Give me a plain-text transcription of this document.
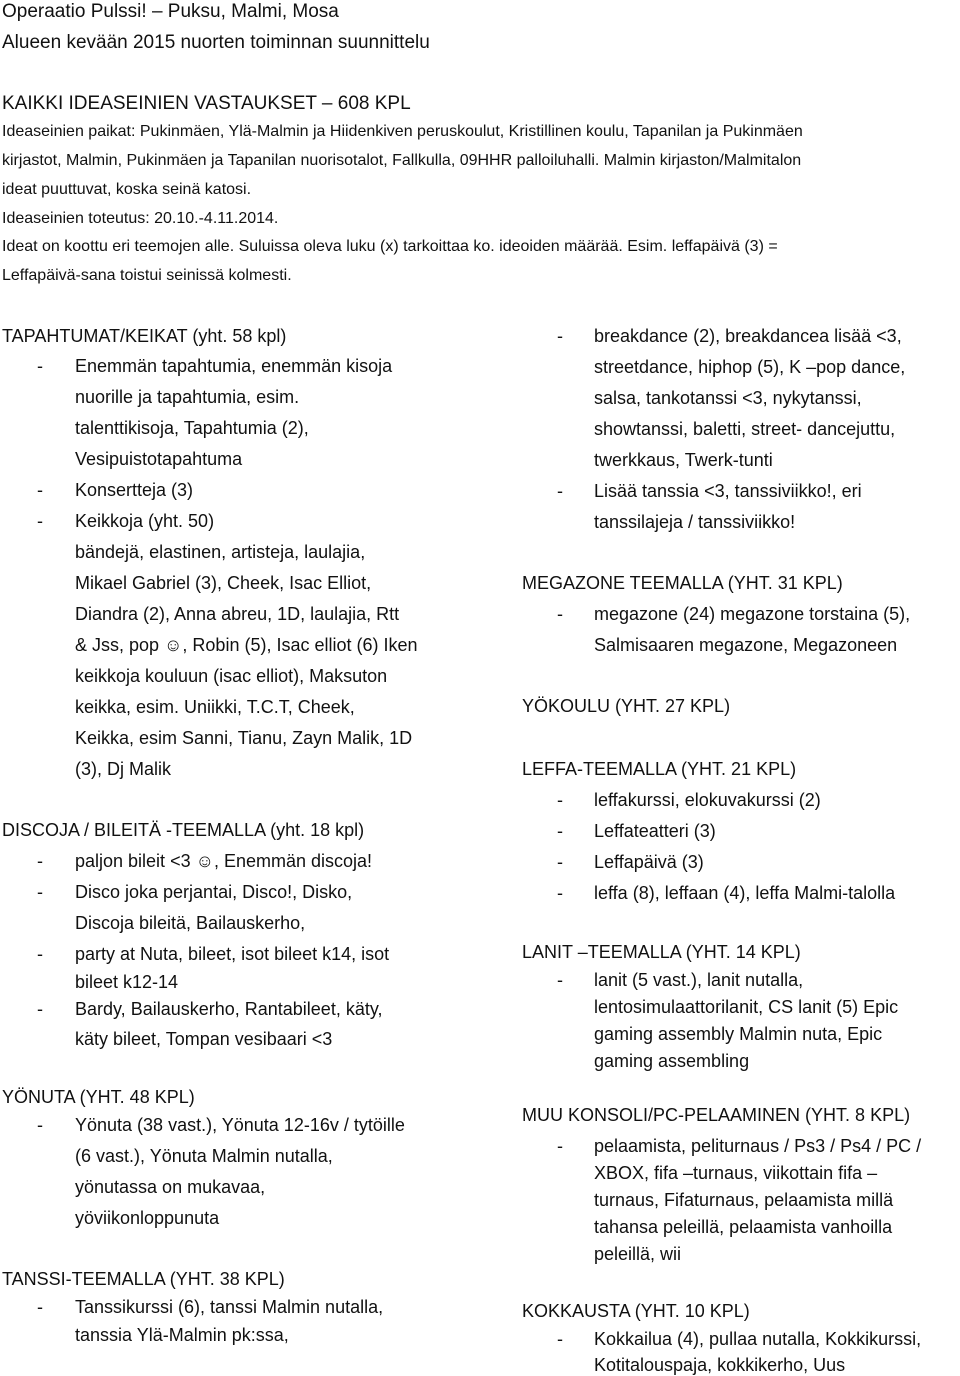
Operaatio Pulssi! – Puksu, Malmi, Mosa
Alueen kevään 2015 nuorten toiminnan suunnittelu
KAIKKI IDEASEINIEN VASTAUKSET – 608 KPL
Ideaseinien paikat: Pukinmäen, Ylä-Malmin ja Hiidenkiven peruskoulut, Kristillinen koulu, Tapanilan ja Pukinmäen
kirjastot, Malmin, Pukinmäen ja Tapanilan nuorisotalot, Fallkulla, 09HHR palloiluhalli. Malmin kirjaston/Malmitalon
ideat puuttuvat, koska seinä katosi.
Ideaseinien toteutus: 20.10.-4.11.2014.
Ideat on koottu eri teemojen alle. Suluissa oleva luku (x) tarkoittaa ko. ideoiden määrää. Esim. leffapäivä (3) =
Leffapäivä-sana toistui seinissä kolmesti.
TAPAHTUMAT/KEIKAT (yht. 58 kpl)
- Enemmän tapahtumia, enemmän kisoja
nuorille ja tapahtumia, esim.
talenttikisoja, Tapahtumia (2),
Vesipuistotapahtuma
- Konsertteja (3)
- Keikkoja (yht. 50)
bändejä, elastinen, artisteja, laulajia,
Mikael Gabriel (3), Cheek, Isac Elliot,
Diandra (2), Anna abreu, 1D, laulajia, Rtt
& Jss, pop ☺, Robin (5), Isac elliot (6) Iken
keikkoja kouluun (isac elliot), Maksuton
keikka, esim. Uniikki, T.C.T, Cheek,
Keikka, esim Sanni, Tianu, Zayn Malik, 1D
(3), Dj Malik
DISCOJA / BILEITÄ -TEEMALLA (yht. 18 kpl)
- paljon bileit <3 ☺, Enemmän discoja!
- Disco joka perjantai, Disco!, Disko,
Discoja bileitä, Bailauskerho,
- party at Nuta, bileet, isot bileet k14, isot
bileet k12-14
- Bardy, Bailauskerho, Rantabileet, käty,
käty bileet, Tompan vesibaari <3
YÖNUTA (YHT. 48 KPL)
- Yönuta (38 vast.), Yönuta 12-16v / tytöille
(6 vast.), Yönuta Malmin nutalla,
yönutassa on mukavaa,
yöviikonloppunuta
TANSSI-TEEMALLA (YHT. 38 KPL)
- Tanssikurssi (6), tanssi Malmin nutalla,
tanssia Ylä-Malmin pk:ssa,
- breakdance (2), breakdancea lisää <3,
streetdance, hiphop (5), K –pop dance,
salsa, tankotanssi <3, nykytanssi,
showtanssi, baletti, street- dancejuttu,
twerkkaus, Twerk-tunti
- Lisää tanssia <3, tanssiviikko!, eri
tanssilajeja / tanssiviikko!
MEGAZONE TEEMALLA (YHT. 31 KPL)
- megazone (24) megazone torstaina (5),
Salmisaaren megazone, Megazoneen
YÖKOULU (YHT. 27 KPL)
LEFFA-TEEMALLA (YHT. 21 KPL)
- leffakurssi, elokuvakurssi (2)
- Leffateatteri (3)
- Leffapäivä (3)
- leffa (8), leffaan (4), leffa Malmi-talolla
LANIT –TEEMALLA (YHT. 14 KPL)
- lanit (5 vast.), lanit nutalla,
lentosimulaattorilanit, CS lanit (5) Epic
gaming assembly Malmin nuta, Epic
gaming assembling
MUU KONSOLI/PC-PELAAMINEN (YHT. 8 KPL)
- pelaamista, peliturnaus / Ps3 / Ps4 / PC /
XBOX, fifa –turnaus, viikottain fifa –
turnaus, Fifaturnaus, pelaamista millä
tahansa peleillä, pelaamista vanhoilla
peleillä, wii
KOKKAUSTA (YHT. 10 KPL)
- Kokkailua (4), pullaa nutalla, Kokkikurssi,
Kotitalouspaja, kokkikerho, Uus
